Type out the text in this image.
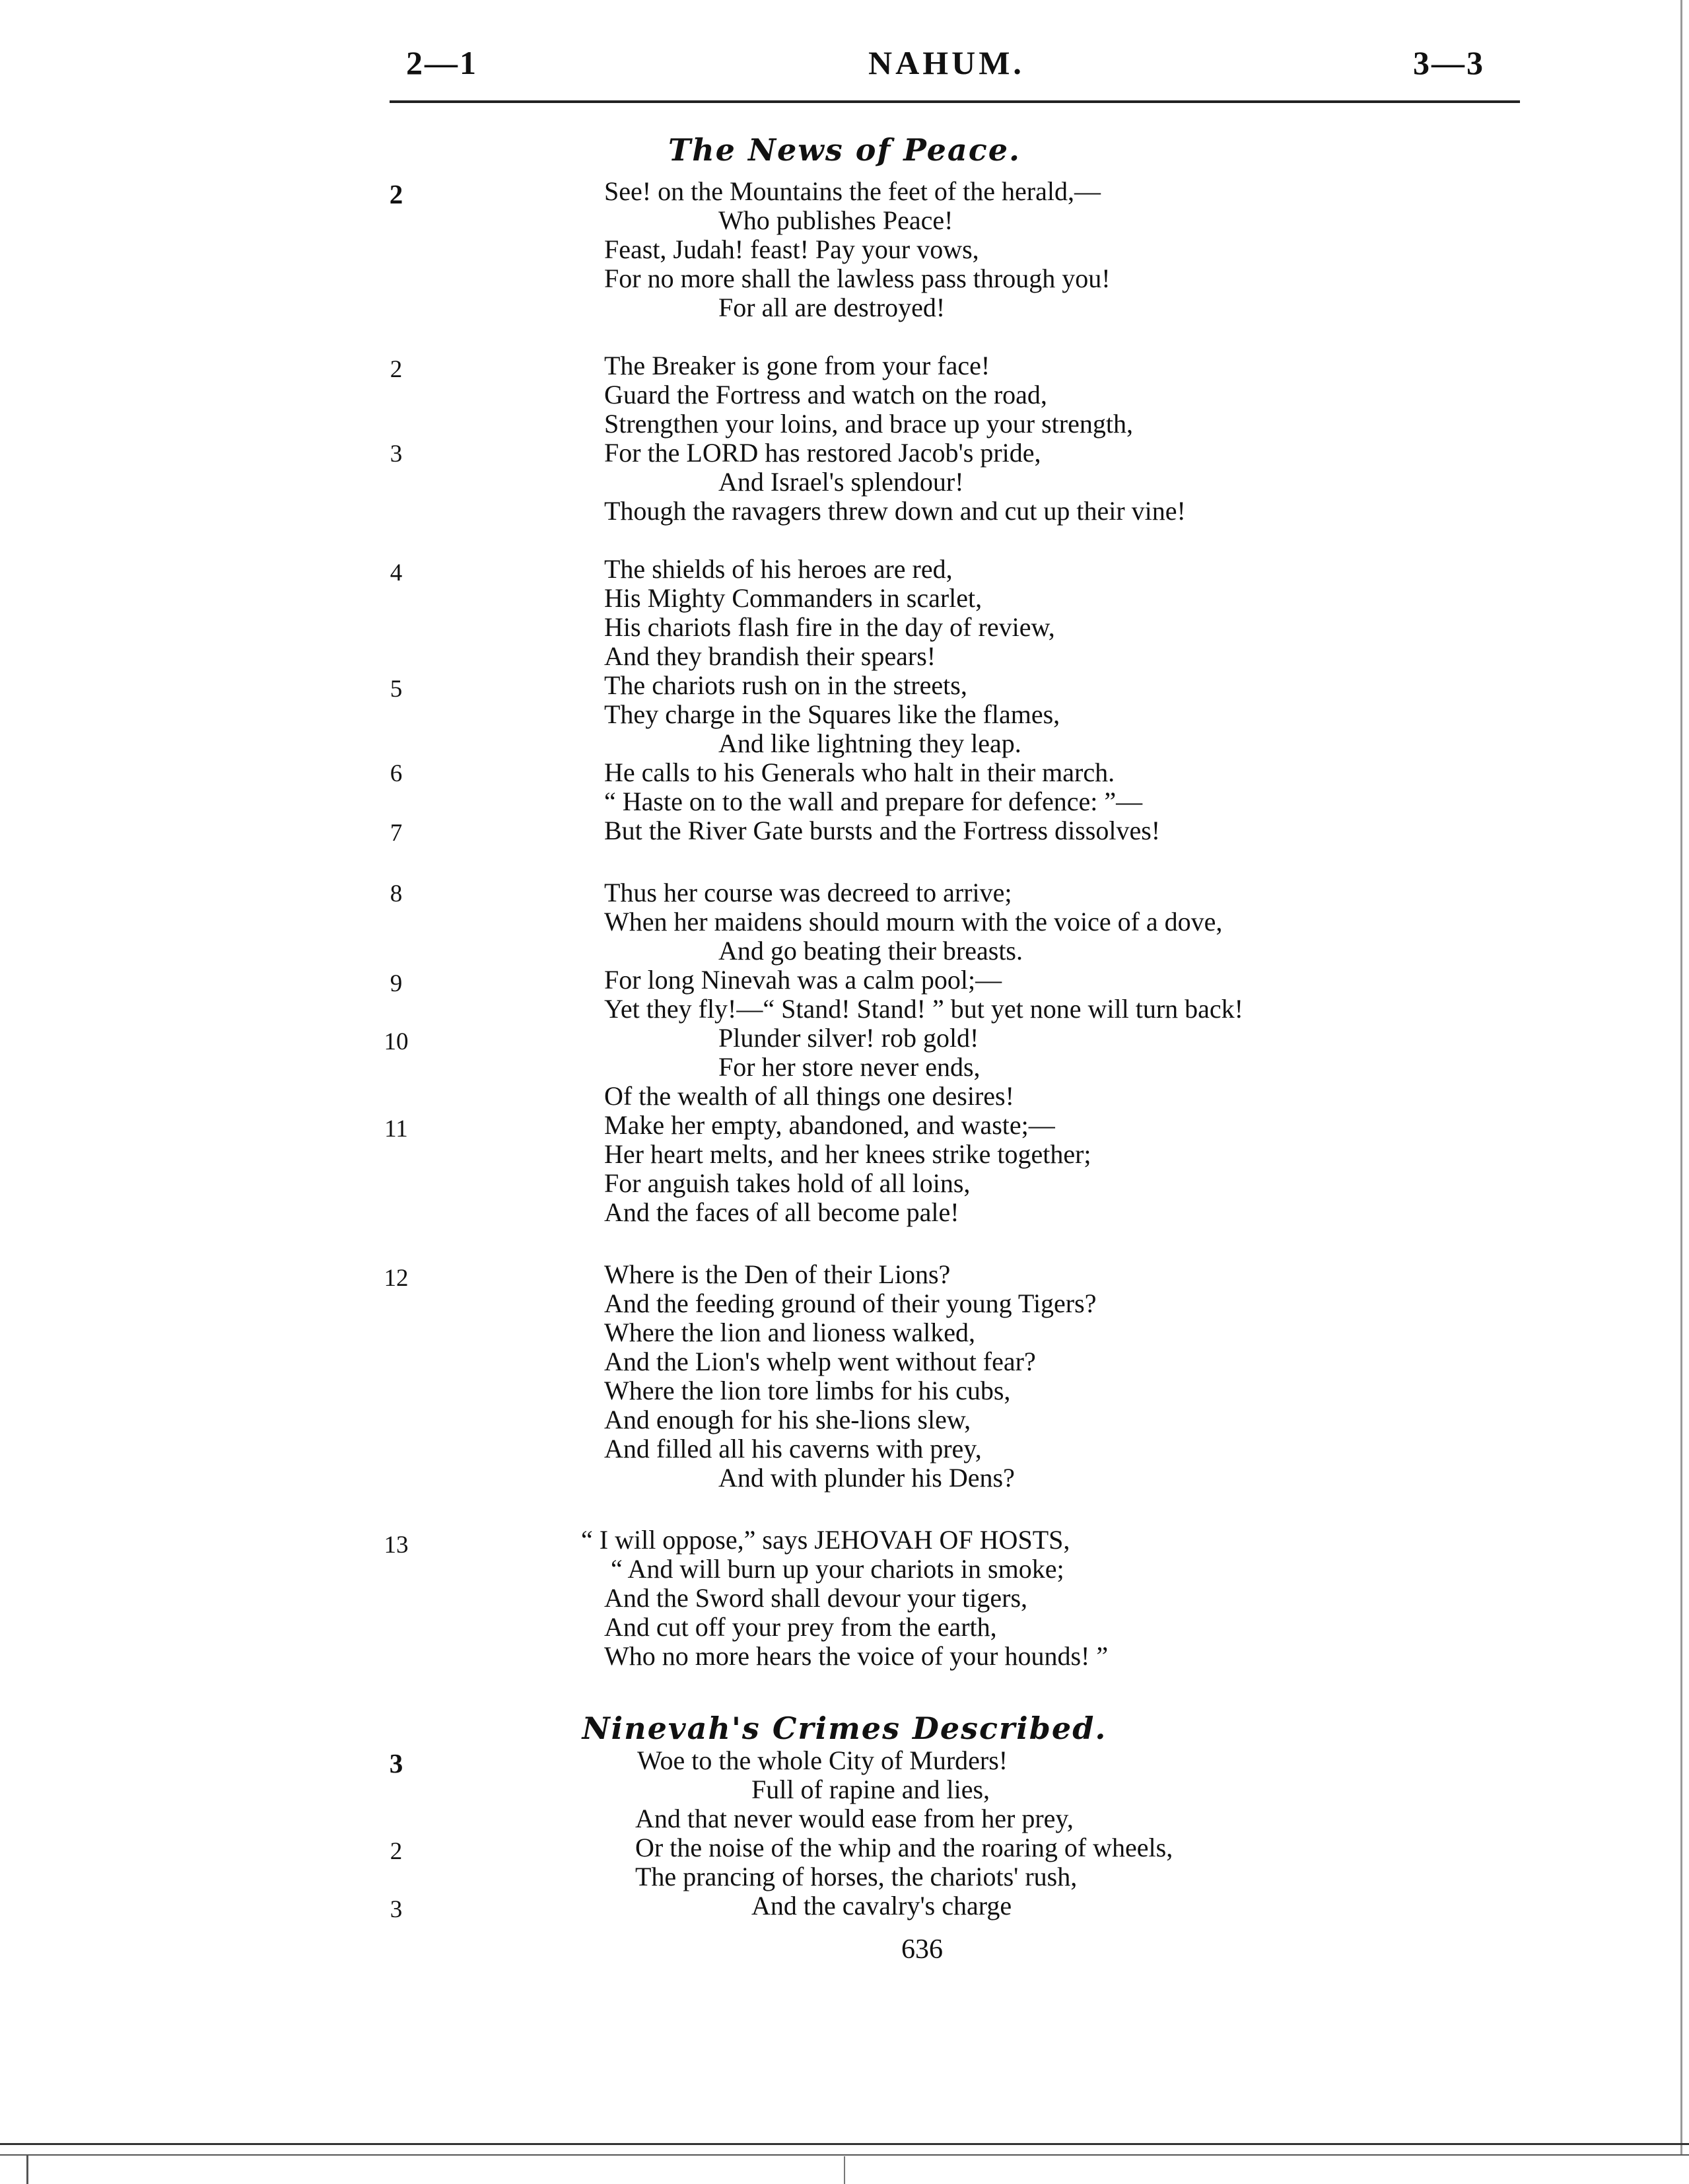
2—1	NAHUM.	3—3
The News of Peace.
2	See! on the Mountains the feet of the herald,—
Who publishes Peace!
Feast, Judah! feast! Pay your vows,
For no more shall the lawless pass through you!
For all are destroyed!
2	The Breaker is gone from your face!
Guard the Fortress and watch on the road,
Strengthen your loins, and brace up your strength,
3	For the LORD has restored Jacob's pride,
And Israel's splendour!
Though the ravagers threw down and cut up their vine!
4	The shields of his heroes are red,
His Mighty Commanders in scarlet,
His chariots flash fire in the day of review,
And they brandish their spears!
5	The chariots rush on in the streets,
They charge in the Squares like the flames,
And like lightning they leap.
6	He calls to his Generals who halt in their march.
“ Haste on to the wall and prepare for defence: ”—
7	But the River Gate bursts and the Fortress dissolves!
8	Thus her course was decreed to arrive;
When her maidens should mourn with the voice of a dove,
And go beating their breasts.
9	For long Ninevah was a calm pool;—
Yet they fly!—“ Stand! Stand! ” but yet none will turn back!
10	Plunder silver! rob gold!
For her store never ends,
Of the wealth of all things one desires!
11	Make her empty, abandoned, and waste;—
Her heart melts, and her knees strike together;
For anguish takes hold of all loins,
And the faces of all become pale!
12	Where is the Den of their Lions?
And the feeding ground of their young Tigers?
Where the lion and lioness walked,
And the Lion's whelp went without fear?
Where the lion tore limbs for his cubs,
And enough for his she-lions slew,
And filled all his caverns with prey,
And with plunder his Dens?
13	“ I will oppose,” says JEHOVAH OF HOSTS,
“ And will burn up your chariots in smoke;
And the Sword shall devour your tigers,
And cut off your prey from the earth,
Who no more hears the voice of your hounds! ”
Ninevah's Crimes Described.
3	Woe to the whole City of Murders!
Full of rapine and lies,
And that never would ease from her prey,
2	Or the noise of the whip and the roaring of wheels,
The prancing of horses, the chariots' rush,
3	And the cavalry's charge
636
